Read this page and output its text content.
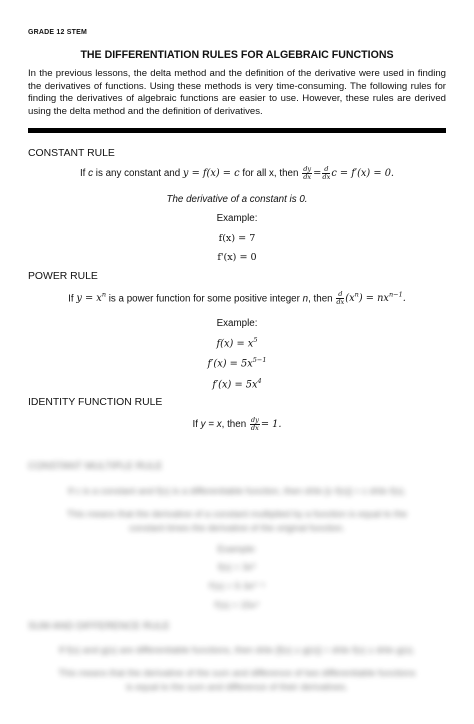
GRADE 12 STEM
THE DIFFERENTIATION RULES FOR ALGEBRAIC FUNCTIONS
In the previous lessons, the delta method and the definition of the derivative were used in finding the derivatives of functions. Using these methods is very time-consuming. The following rules for finding the derivatives of algebraic functions are easier to use. However, these rules are derived using the delta method and the definition of derivatives.
CONSTANT RULE
If c is any constant and y = f(x) = c for all x, then $\frac{dy}{dx} = \frac{d}{dx}$ c = f′(x) = 0.
The derivative of a constant is 0.
Example:
f(x) = 7
f'(x) = 0
POWER RULE
If $y = x^n$ is a power function for some positive integer n, then $\frac{d}{dx} (x^n) = nx^{n-1}$.
Example:
$f(x) = x^5$
$f'(x) = 5x^{5-1}$
$f'(x) = 5x^4$
IDENTITY FUNCTION RULE
If y = x, then $\frac{dy}{dx} = 1$.
CONSTANT MULTIPLE RULE
If c is a constant and f(x) is a differentiable function, then d/dx [c·f(x)] = c d/dx f(x).
This means that the derivative of a constant multiplied by a function is equal to the
constant times the derivative of the original function.
Example:
f(x) = 3x⁵
f′(x) = 5·3x⁵⁻¹
f′(x) = 15x⁴
SUM AND DIFFERENCE RULE
If f(x) and g(x) are differentiable functions, then d/dx [f(x) ± g(x)] = d/dx f(x) ± d/dx g(x).
This means that the derivative of the sum and difference of two differentiable functions
is equal to the sum and difference of their derivatives.
